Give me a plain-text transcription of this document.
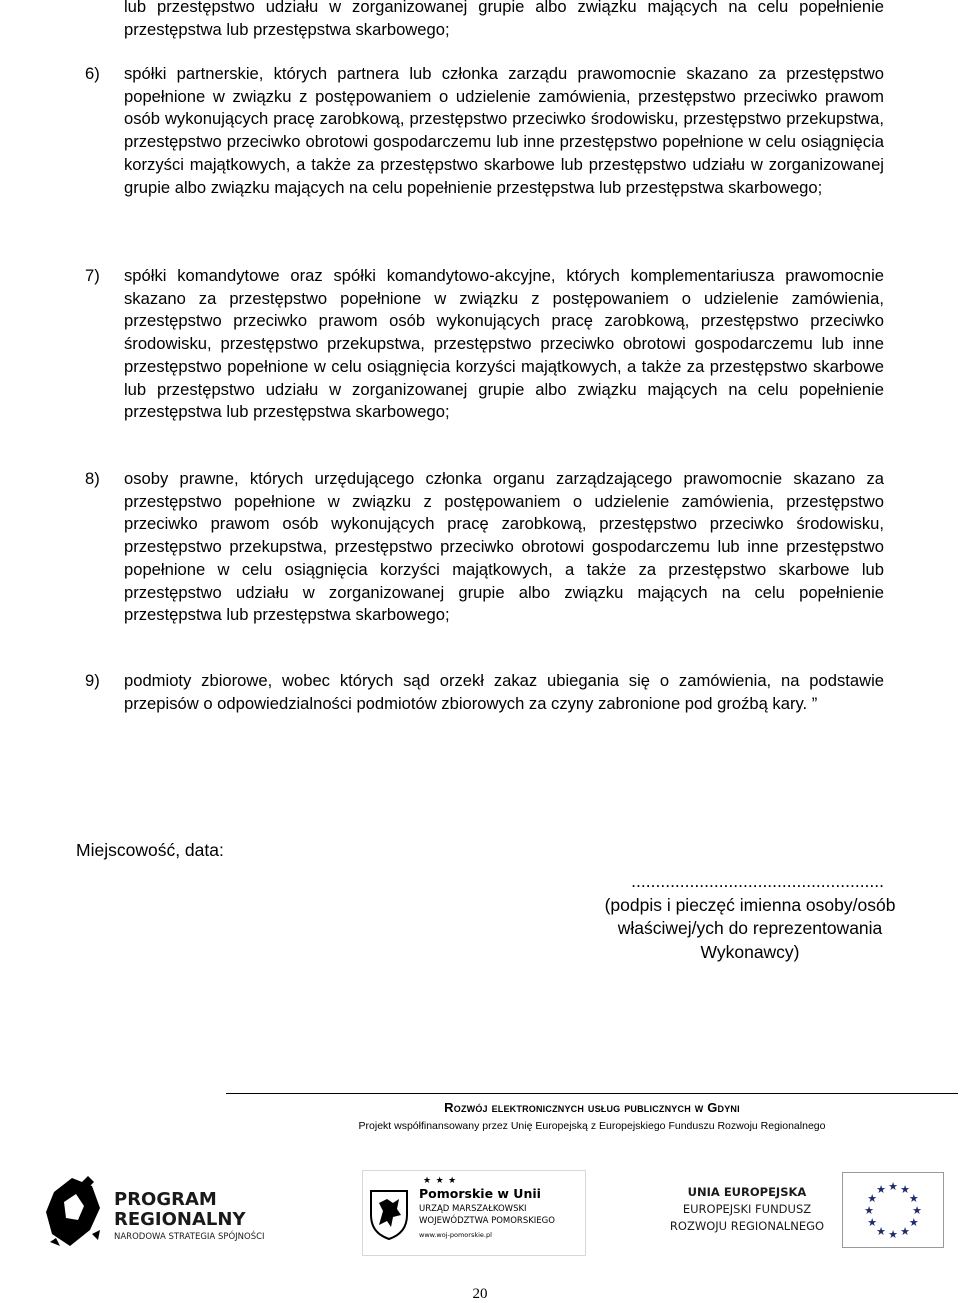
lub przestępstwo udziału w zorganizowanej grupie albo związku mających na celu popełnienie przestępstwa lub przestępstwa skarbowego;
6)	spółki partnerskie, których partnera lub członka zarządu prawomocnie skazano za przestępstwo popełnione w związku z postępowaniem o udzielenie zamówienia, przestępstwo przeciwko prawom osób wykonujących pracę zarobkową, przestępstwo przeciwko środowisku, przestępstwo przekupstwa, przestępstwo przeciwko obrotowi gospodarczemu lub inne przestępstwo popełnione w celu osiągnięcia korzyści majątkowych, a także za przestępstwo skarbowe lub przestępstwo udziału w zorganizowanej grupie albo związku mających na celu popełnienie przestępstwa lub przestępstwa skarbowego;
7)	spółki komandytowe oraz spółki komandytowo-akcyjne, których komplementariusza prawomocnie skazano za przestępstwo popełnione w związku z postępowaniem o udzielenie zamówienia, przestępstwo przeciwko prawom osób wykonujących pracę zarobkową, przestępstwo przeciwko środowisku, przestępstwo przekupstwa, przestępstwo przeciwko obrotowi gospodarczemu lub inne przestępstwo popełnione w celu osiągnięcia korzyści majątkowych, a także za przestępstwo skarbowe lub przestępstwo udziału w zorganizowanej grupie albo związku mających na celu popełnienie przestępstwa lub przestępstwa skarbowego;
8)	osoby prawne, których urzędującego członka organu zarządzającego prawomocnie skazano za przestępstwo popełnione w związku z postępowaniem o udzielenie zamówienia, przestępstwo przeciwko prawom osób wykonujących pracę zarobkową, przestępstwo przeciwko środowisku, przestępstwo przekupstwa, przestępstwo przeciwko obrotowi gospodarczemu lub inne przestępstwo popełnione w celu osiągnięcia korzyści majątkowych, a także za przestępstwo skarbowe lub przestępstwo udziału w zorganizowanej grupie albo związku mających na celu popełnienie przestępstwa lub przestępstwa skarbowego;
9)	podmioty zbiorowe, wobec których sąd orzekł zakaz ubiegania się o zamówienia, na podstawie przepisów o odpowiedzialności podmiotów zbiorowych za czyny zabronione pod groźbą kary. ”
Miejscowość, data:
....................................................
(podpis i pieczęć imienna osoby/osób
właściwej/ych do reprezentowania
Wykonawcy)
Rozwój elektronicznych usług publicznych w Gdyni
Projekt współfinansowany przez Unię Europejską z Europejskiego Funduszu Rozwoju Regionalnego
PROGRAM
REGIONALNY
NARODOWA STRATEGIA SPÓJNOŚCI
★ ★ ★
Pomorskie w Unii
URZĄD MARSZAŁKOWSKI
WOJEWÓDZTWA POMORSKIEGO
www.woj-pomorskie.pl
UNIA EUROPEJSKA
EUROPEJSKI FUNDUSZ
ROZWOJU REGIONALNEGO
★ ★
★
★
★
★
★
★
★
★
★
★
20
